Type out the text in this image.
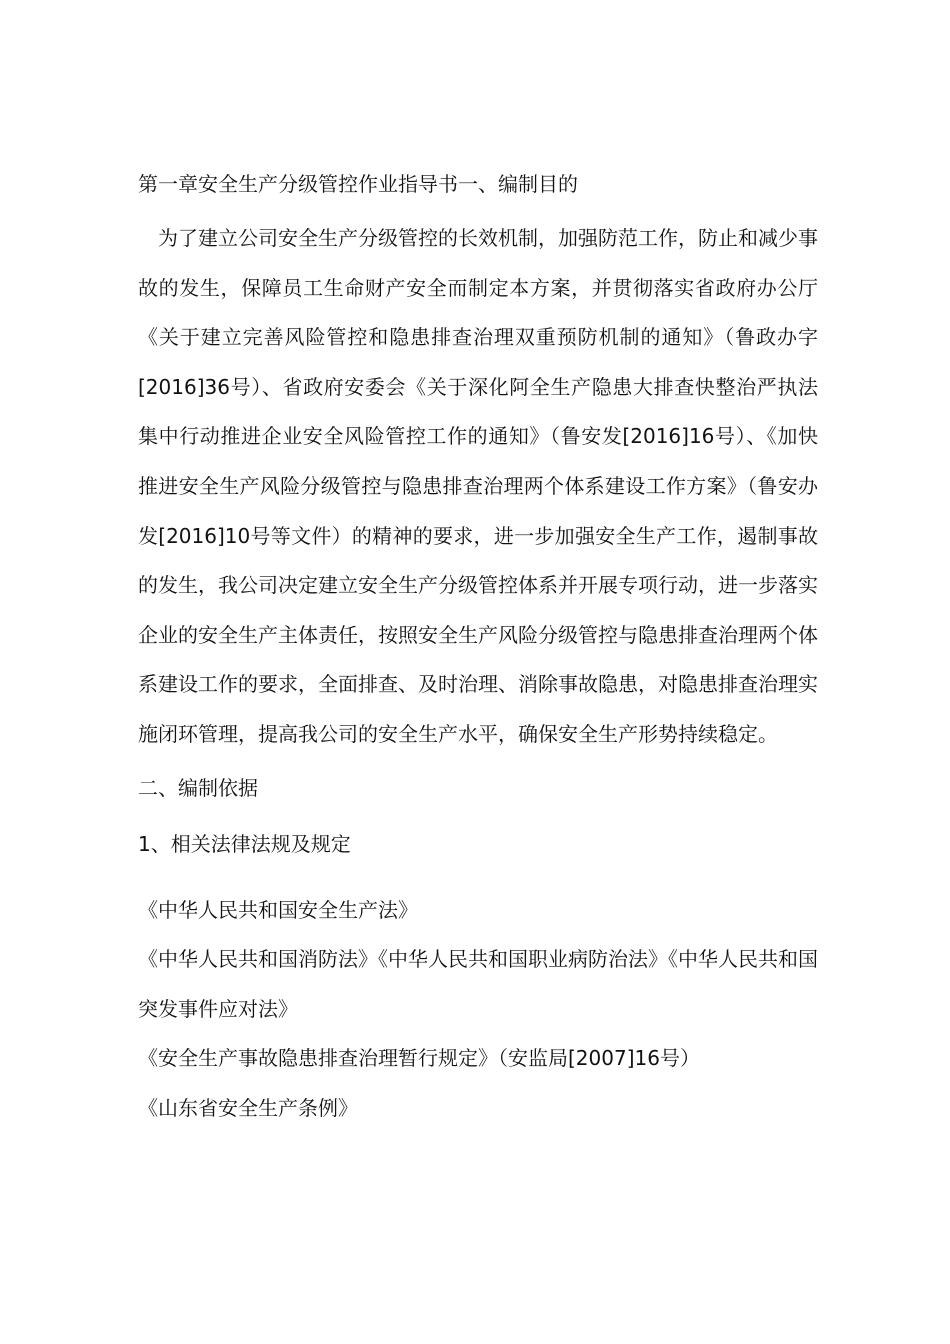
第一章安全生产分级管控作业指导书一、编制目的

为了建立公司安全生产分级管控的长效机制，加强防范工作，防止和减少事故的发生，保障员工生命财产安全而制定本方案，并贯彻落实省政府办公厅《关于建立完善风险管控和隐患排查治理双重预防机制的通知》（鲁政办字[2016]36号）、省政府安委会《关于深化阿全生产隐患大排查快整治严执法集中行动推进企业安全风险管控工作的通知》（鲁安发[2016]16号）、《加快推进安全生产风险分级管控与隐患排查治理两个体系建设工作方案》（鲁安办发[2016]10号等文件）的精神的要求，进一步加强安全生产工作，遏制事故的发生，我公司决定建立安全生产分级管控体系并开展专项行动，进一步落实企业的安全生产主体责任，按照安全生产风险分级管控与隐患排查治理两个体系建设工作的要求，全面排查、及时治理、消除事故隐患，对隐患排查治理实施闭环管理，提高我公司的安全生产水平，确保安全生产形势持续稳定。

二、编制依据

1、相关法律法规及规定

《中华人民共和国安全生产法》
《中华人民共和国消防法》《中华人民共和国职业病防治法》《中华人民共和国突发事件应对法》
《安全生产事故隐患排查治理暂行规定》（安监局[2007]16号）
《山东省安全生产条例》
